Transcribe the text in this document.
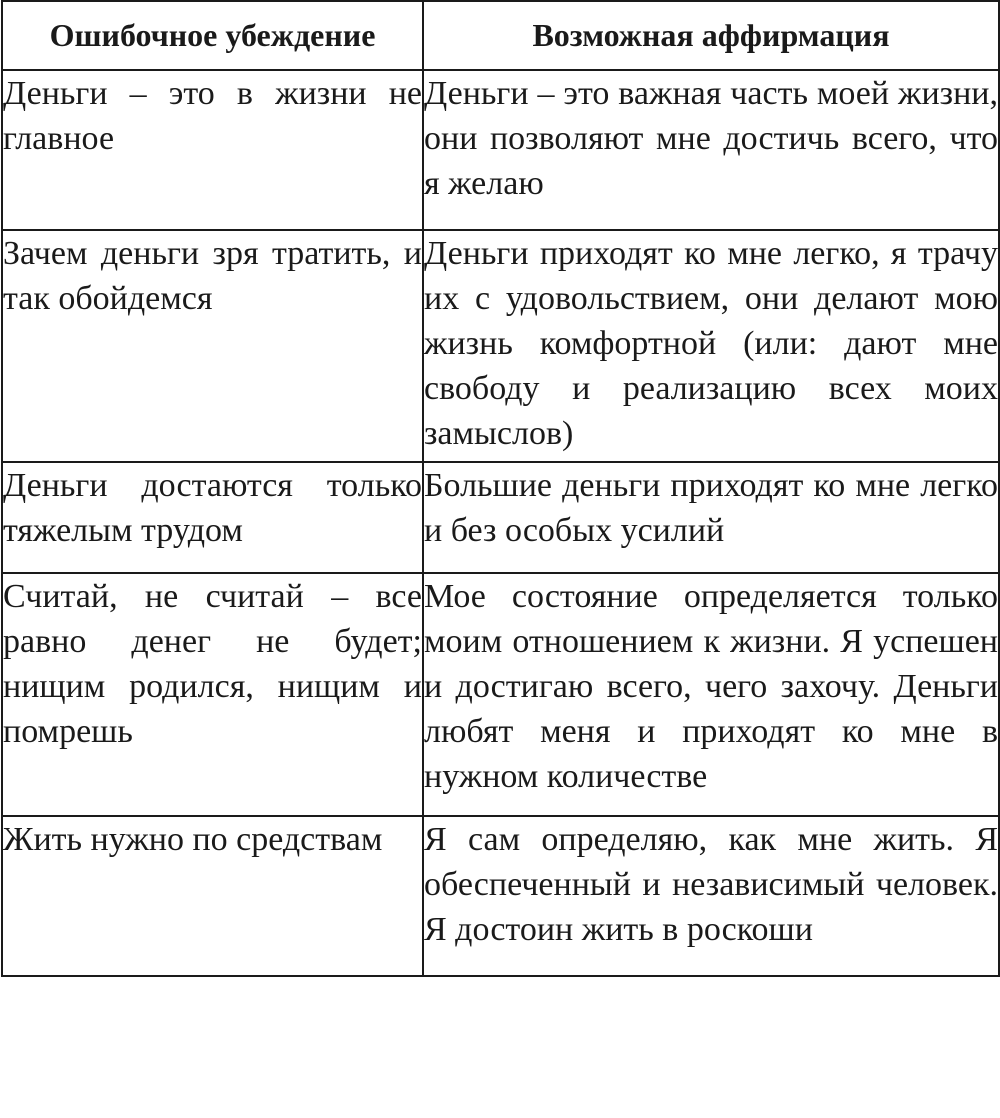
Ошибочное убеждение	Возможная аффирмация

Деньги – это в жизни не главное	Деньги – это важная часть моей жизни, они позволяют мне достичь всего, что я желаю

Зачем деньги зря тратить, и так обойдемся	Деньги приходят ко мне легко, я трачу их с удовольствием, они делают мою жизнь комфортной (или: дают мне свободу и реализацию всех моих замыслов)

Деньги достаются только тяжелым трудом	Большие деньги приходят ко мне легко и без особых усилий

Считай, не считай – все равно денег не будет; нищим родился, нищим и помрешь	Мое состояние определяется только моим отношением к жизни. Я успешен и достигаю всего, чего захочу. Деньги любят меня и приходят ко мне в нужном количестве

Жить нужно по средствам	Я сам определяю, как мне жить. Я обеспеченный и независимый человек. Я достоин жить в роскоши
